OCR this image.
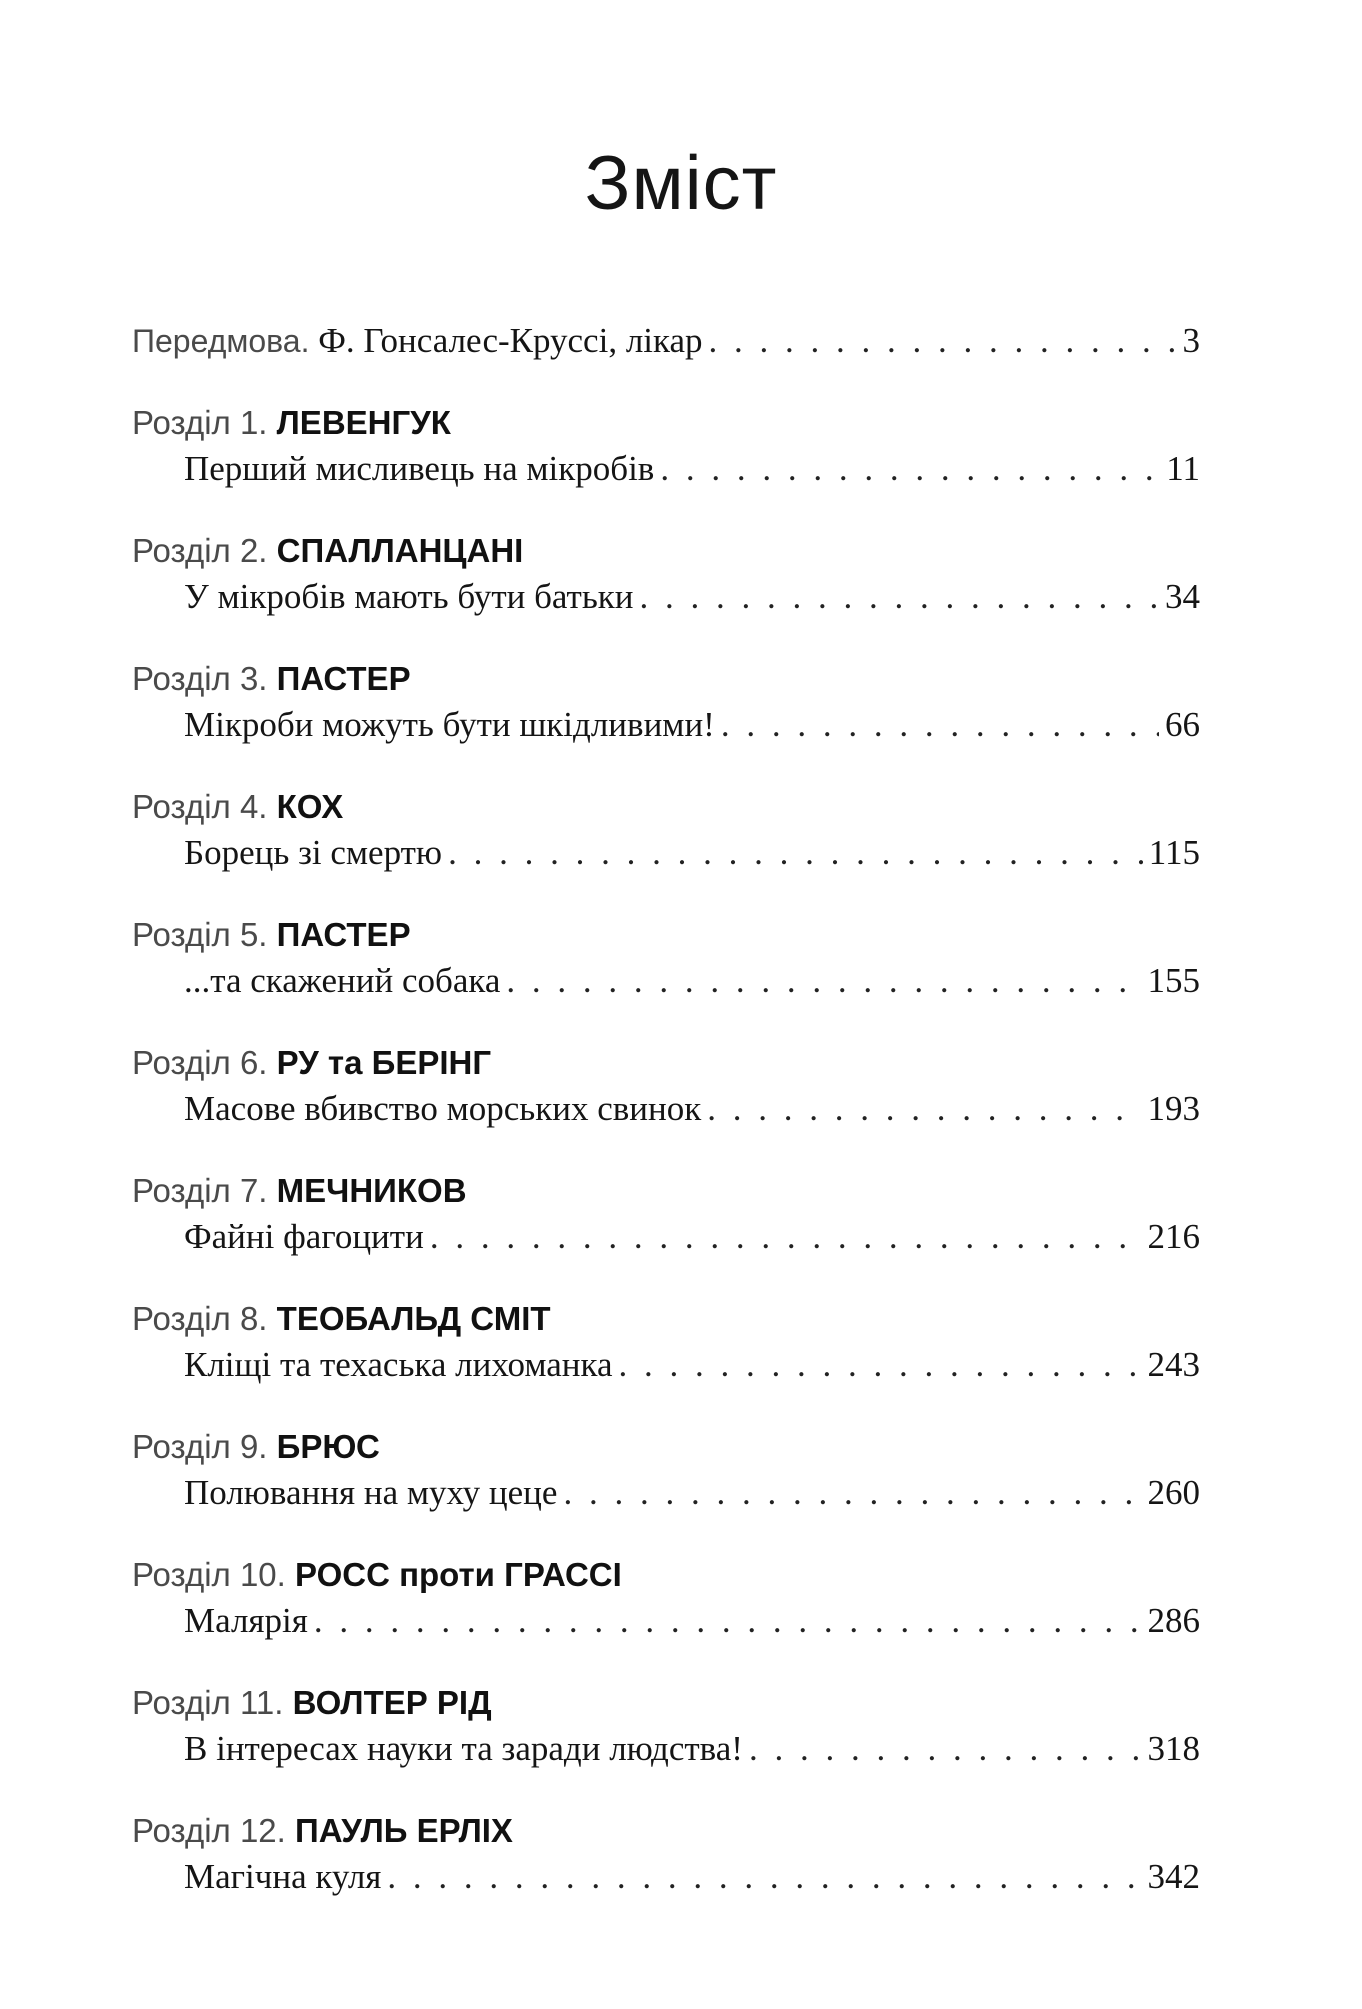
Зміст
Передмова.
Ф. Гонсалес-Круссі, лікар . . .	3
Розділ 1. ЛЕВЕНГУК
Перший мисливець на мікробів . . .	11
Розділ 2. СПАЛЛАНЦАНІ
У мікробів мають бути батьки . . .	34
Розділ 3. ПАСТЕР
Мікроби можуть бути шкідливими! . . .	66
Розділ 4. КОХ
Борець зі смертю . . .	115
Розділ 5. ПАСТЕР
...та скажений собака . . .	155
Розділ 6. РУ та БЕРІНГ
Масове вбивство морських свинок . . .	193
Розділ 7. МЕЧНИКОВ
Файні фагоцити . . .	216
Розділ 8. ТЕОБАЛЬД СМІТ
Кліщі та техаська лихоманка . . .	243
Розділ 9. БРЮС
Полювання на муху цеце . . .	260
Розділ 10. РОСС проти ГРАССІ
Малярія . . .	286
Розділ 11. ВОЛТЕР РІД
В інтересах науки та заради людства! . . .	318
Розділ 12. ПАУЛЬ ЕРЛІХ
Магічна куля . . .	342
